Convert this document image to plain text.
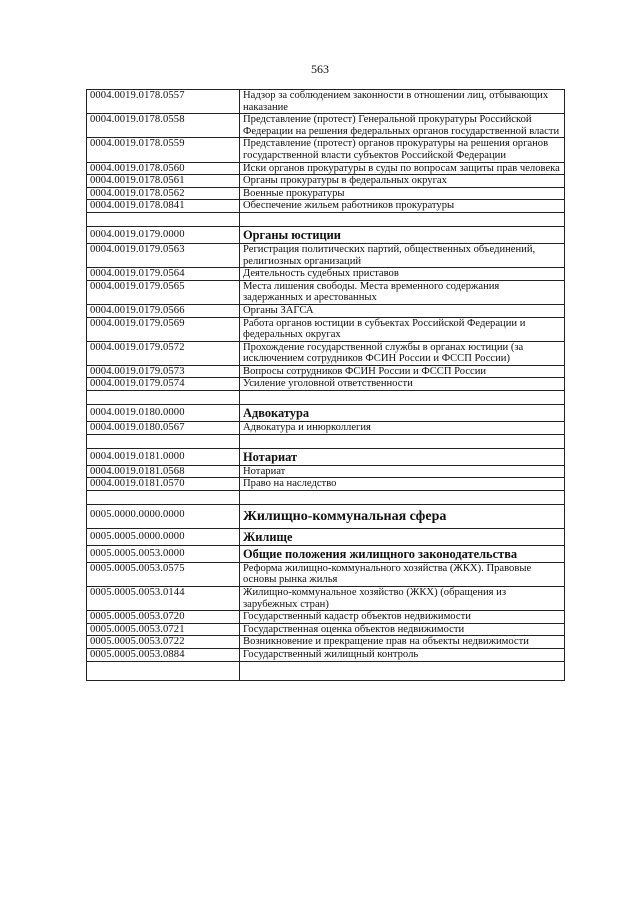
563
0004.0019.0178.0557	Надзор за соблюдением законности в отношении лиц, отбывающих наказание
0004.0019.0178.0558	Представление (протест) Генеральной прокуратуры Российской Федерации на решения федеральных органов государственной власти
0004.0019.0178.0559	Представление (протест) органов прокуратуры на решения органов государственной власти субъектов Российской Федерации
0004.0019.0178.0560	Иски органов прокуратуры в суды по вопросам защиты прав человека
0004.0019.0178.0561	Органы прокуратуры в федеральных округах
0004.0019.0178.0562	Военные прокуратуры
0004.0019.0178.0841	Обеспечение жильем работников прокуратуры

0004.0019.0179.0000	Органы юстиции
0004.0019.0179.0563	Регистрация политических партий, общественных объединений, религиозных организаций
0004.0019.0179.0564	Деятельность судебных приставов
0004.0019.0179.0565	Места лишения свободы. Места временного содержания задержанных и арестованных
0004.0019.0179.0566	Органы ЗАГСА
0004.0019.0179.0569	Работа органов юстиции в субъектах Российской Федерации и федеральных округах
0004.0019.0179.0572	Прохождение государственной службы в органах юстиции (за исключением сотрудников ФСИН России и ФССП России)
0004.0019.0179.0573	Вопросы сотрудников ФСИН России и ФССП России
0004.0019.0179.0574	Усиление уголовной ответственности

0004.0019.0180.0000	Адвокатура
0004.0019.0180.0567	Адвокатура и инюрколлегия

0004.0019.0181.0000	Нотариат
0004.0019.0181.0568	Нотариат
0004.0019.0181.0570	Право на наследство

0005.0000.0000.0000	Жилищно-коммунальная сфера
0005.0005.0000.0000	Жилище
0005.0005.0053.0000	Общие положения жилищного законодательства
0005.0005.0053.0575	Реформа жилищно-коммунального хозяйства (ЖКХ). Правовые основы рынка жилья
0005.0005.0053.0144	Жилищно-коммунальное хозяйство (ЖКХ) (обращения из зарубежных стран)
0005.0005.0053.0720	Государственный кадастр объектов недвижимости
0005.0005.0053.0721	Государственная оценка объектов недвижимости
0005.0005.0053.0722	Возникновение и прекращение прав на объекты недвижимости
0005.0005.0053.0884	Государственный жилищный контроль
